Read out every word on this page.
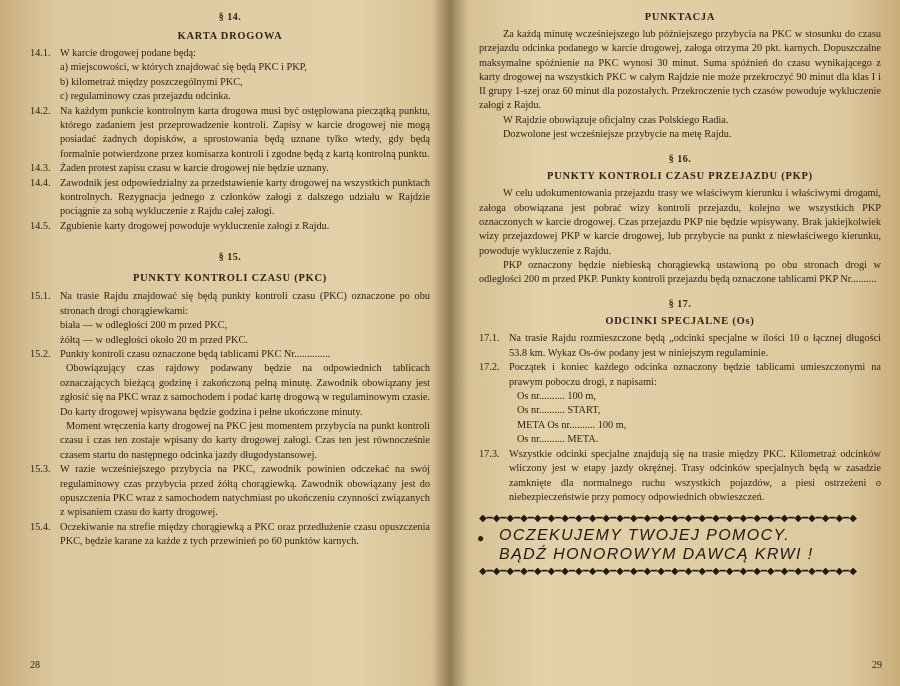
§ 14.

KARTA DROGOWA

14.1. W karcie drogowej podane będą:
a) miejscowości, w których znajdować się będą PKC i PKP,
b) kilometraż między poszczególnymi PKC,
c) regulaminowy czas przejazdu odcinka.
14.2. Na każdym punkcie kontrolnym karta drogowa musi być ostęplowana pieczątką punktu, którego zadaniem jest przeprowadzenie kontroli. Zapisy w karcie drogowej nie mogą posiadać żadnych dopisków, a sprostowania będą uznane tylko wtedy, gdy będą formalnie potwierdzone przez komisarza kontroli i zgodne będą z kartą kontrolną punktu.
14.3. Żaden protest zapisu czasu w karcie drogowej nie będzie uznany.
14.4. Zawodnik jest odpowiedzialny za przedstawienie karty drogowej na wszystkich punktach kontrolnych. Rezygnacja jednego z członków załogi z dalszego udziału w Rajdzie pociągnie za sobą wykluczenie z Rajdu całej załogi.
14.5. Zgubienie karty drogowej powoduje wykluczenie załogi z Rajdu.

§ 15.

PUNKTY KONTROLI CZASU (PKC)

15.1. Na trasie Rajdu znajdować się będą punkty kontroli czasu (PKC) oznaczone po obu stronach drogi chorągiewkami:
biała — w odległości 200 m przed PKC,
żółtą — w odległości około 20 m przed PKC.
15.2. Punkty kontroli czasu oznaczone będą tablicami PKC Nr..............
Obowiązujący czas rajdowy podawany będzie na odpowiednich tablicach oznaczających bieżącą godzinę i zakończoną pełną minutę. Zawodnik obowiązany jest zgłosić się na PKC wraz z samochodem i podać kartę drogową w regulaminowym czasie. Do karty drogowej wpisywana będzie godzina i pełne ukończone minuty.
Moment wręczenia karty drogowej na PKC jest momentem przybycia na punkt kontroli czasu i czas ten zostaje wpisany do karty drogowej załogi. Czas ten jest równocześnie czasem startu do następnego odcinka jazdy długodystansowej.
15.3. W razie wcześniejszego przybycia na PKC, zawodnik powinien odczekać na swój regulaminowy czas przybycia przed żółtą chorągiewką. Zawodnik obowiązany jest do opuszczenia PKC wraz z samochodem natychmiast po ukończeniu czynności związanych z wpisaniem czasu do karty drogowej.
15.4. Oczekiwanie na strefie między chorągiewką a PKC oraz przedłużenie czasu opuszczenia PKC, będzie karane za każde z tych przewinień po 60 punktów karnych.
28

PUNKTACJA

Za każdą minutę wcześniejszego lub późniejszego przybycia na PKC w stosunku do czasu przejazdu odcinka podanego w karcie drogowej, załoga otrzyma 20 pkt. karnych. Dopuszczalne maksymalne spóźnienie na PKC wynosi 30 minut. Suma spóźnień do czasu wynikającego z karty drogowej na wszystkich PKC w całym Rajdzie nie może przekroczyć 90 minut dla klas I i II grupy 1-szej oraz 60 minut dla pozostałych. Przekroczenie tych czasów powoduje wykluczenie załogi z Rajdu.

W Rajdzie obowiązuje oficjalny czas Polskiego Radia.

Dozwolone jest wcześniejsze przybycie na metę Rajdu.

§ 16.

PUNKTY KONTROLI CZASU PRZEJAZDU (PKP)

W celu udokumentowania przejazdu trasy we właściwym kierunku i właściwymi drogami, załoga obowiązana jest pobrać wizy kontroli przejazdu, kolejno we wszystkich PKP oznaczonych w karcie drogowej. Czas przejazdu PKP nie będzie wpisywany. Brak jakiejkolwiek wizy przejazdowej PKP w karcie drogowej, lub przybycie na punkt z niewłaściwego kierunku, powoduje wykluczenie z Rajdu.

PKP oznaczony będzie niebieską chorągiewką ustawioną po obu stronach drogi w odległości 200 m przed PKP. Punkty kontroli przejazdu będą oznaczone tablicami PKP Nr..........

§ 17.

ODCINKI SPECJALNE (Os)

17.1. Na trasie Rajdu rozmieszczone będą „odcinki specjalne w ilości 10 o łącznej długości 53.8 km. Wykaz Os-ów podany jest w niniejszym regulaminie.
17.2. Początek i koniec każdego odcinka oznaczony będzie tablicami umieszczonymi na prawym poboczu drogi, z napisami:
Os nr.......... 100 m,
Os nr.......... START,
META Os nr.......... 100 m,
Os nr.......... META.
17.3. Wszystkie odcinki specjalne znajdują się na trasie między PKC. Kilometraż odcinków wliczony jest w etapy jazdy okrężnej. Trasy odcinków specjalnych będą w zasadzie zamknięte dla normalnego ruchu wszystkich pojazdów, a piesi ostrzeżeni o niebezpieczeństwie przy pomocy odpowiednich obwieszczeń.
◆━◆━◆━◆━◆━◆━◆━◆━◆━◆━◆━◆━◆━◆━◆━◆━◆━◆━◆━◆━◆━◆━◆━◆━◆━◆━◆━◆
● OCZEKUJEMY TWOJEJ POMOCY.
BĄDŹ HONOROWYM DAWCĄ KRWI !
◆━◆━◆━◆━◆━◆━◆━◆━◆━◆━◆━◆━◆━◆━◆━◆━◆━◆━◆━◆━◆━◆━◆━◆━◆━◆━◆━◆
29
